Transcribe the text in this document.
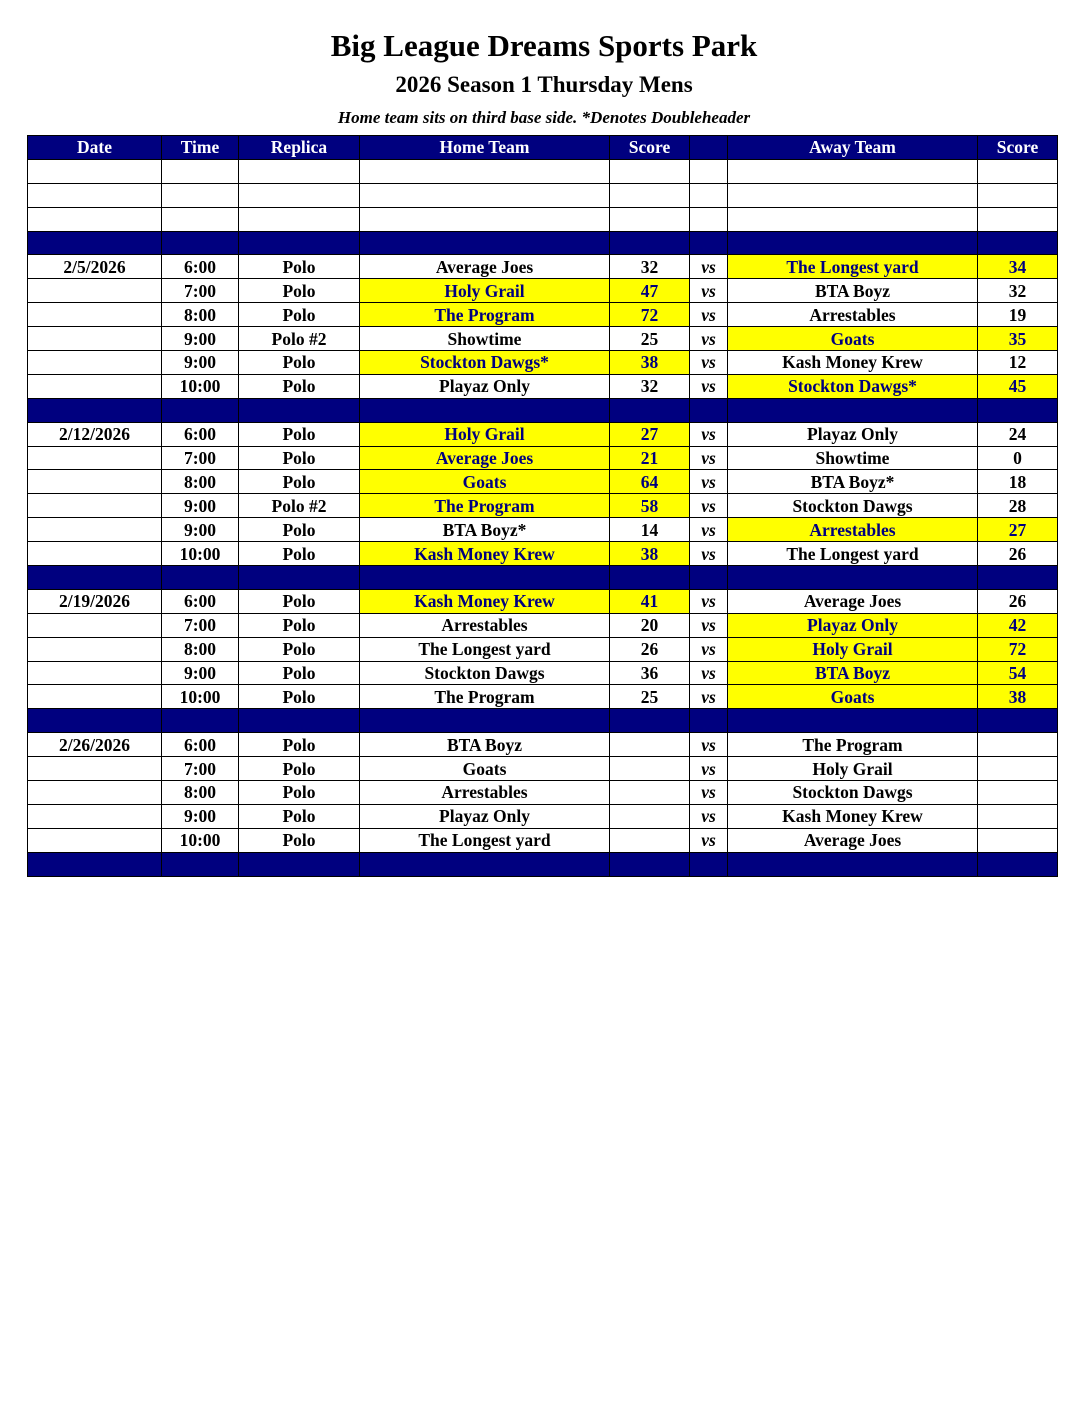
Big League Dreams Sports Park
2026 Season 1 Thursday Mens
Home team sits on third base side. *Denotes Doubleheader
Date	Time	Replica	Home Team	Score		Away Team	Score

2/5/2026	6:00	Polo	Average Joes	32	vs	The Longest yard	34
	7:00	Polo	Holy Grail	47	vs	BTA Boyz	32
	8:00	Polo	The Program	72	vs	Arrestables	19
	9:00	Polo #2	Showtime	25	vs	Goats	35
	9:00	Polo	Stockton Dawgs*	38	vs	Kash Money Krew	12
	10:00	Polo	Playaz Only	32	vs	Stockton Dawgs*	45

2/12/2026	6:00	Polo	Holy Grail	27	vs	Playaz Only	24
	7:00	Polo	Average Joes	21	vs	Showtime	0
	8:00	Polo	Goats	64	vs	BTA Boyz*	18
	9:00	Polo #2	The Program	58	vs	Stockton Dawgs	28
	9:00	Polo	BTA Boyz*	14	vs	Arrestables	27
	10:00	Polo	Kash Money Krew	38	vs	The Longest yard	26

2/19/2026	6:00	Polo	Kash Money Krew	41	vs	Average Joes	26
	7:00	Polo	Arrestables	20	vs	Playaz Only	42
	8:00	Polo	The Longest yard	26	vs	Holy Grail	72
	9:00	Polo	Stockton Dawgs	36	vs	BTA Boyz	54
	10:00	Polo	The Program	25	vs	Goats	38

2/26/2026	6:00	Polo	BTA Boyz		vs	The Program	
	7:00	Polo	Goats		vs	Holy Grail	
	8:00	Polo	Arrestables		vs	Stockton Dawgs	
	9:00	Polo	Playaz Only		vs	Kash Money Krew	
	10:00	Polo	The Longest yard		vs	Average Joes	
